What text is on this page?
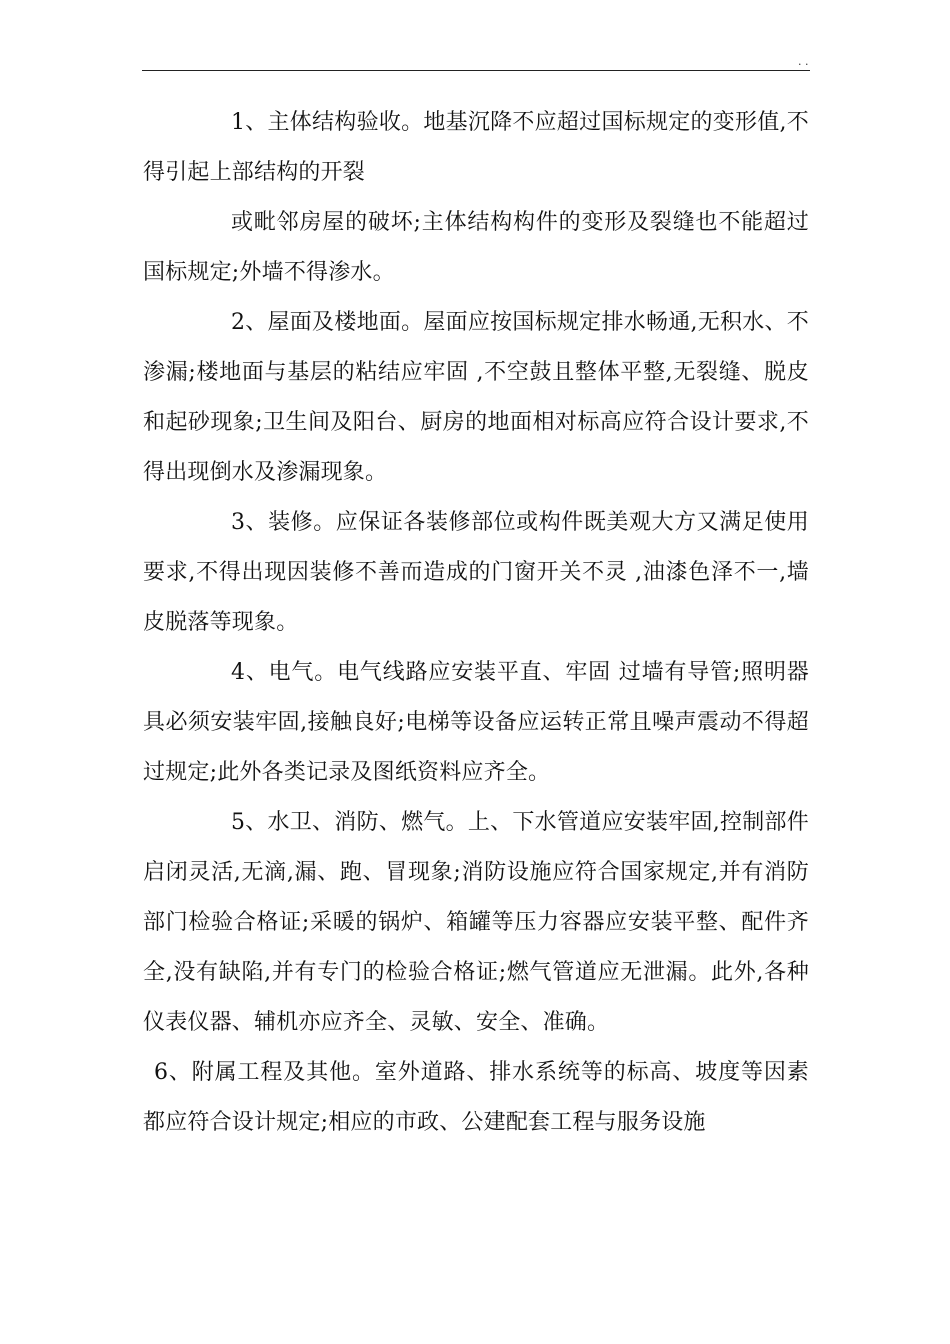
. .

1、主体结构验收。地基沉降不应超过国标规定的变形值,不得引起上部结构的开裂

或毗邻房屋的破坏;主体结构构件的变形及裂缝也不能超过国标规定;外墙不得渗水。

2、屋面及楼地面。屋面应按国标规定排水畅通,无积水、不渗漏;楼地面与基层的粘结应牢固 ,不空鼓且整体平整,无裂缝、脱皮和起砂现象;卫生间及阳台、厨房的地面相对标高应符合设计要求,不得出现倒水及渗漏现象。

3、装修。应保证各装修部位或构件既美观大方又满足使用要求,不得出现因装修不善而造成的门窗开关不灵 ,油漆色泽不一,墙皮脱落等现象。

4、电气。电气线路应安装平直、牢固 过墙有导管;照明器具必须安装牢固,接触良好;电梯等设备应运转正常且噪声震动不得超过规定;此外各类记录及图纸资料应齐全。

5、水卫、消防、燃气。上、下水管道应安装牢固,控制部件启闭灵活,无滴,漏、跑、冒现象;消防设施应符合国家规定,并有消防部门检验合格证;采暖的锅炉、箱罐等压力容器应安装平整、配件齐全,没有缺陷,并有专门的检验合格证;燃气管道应无泄漏。此外,各种仪表仪器、辅机亦应齐全、灵敏、安全、准确。

6、附属工程及其他。室外道路、排水系统等的标高、坡度等因素都应符合设计规定;相应的市政、公建配套工程与服务设施
